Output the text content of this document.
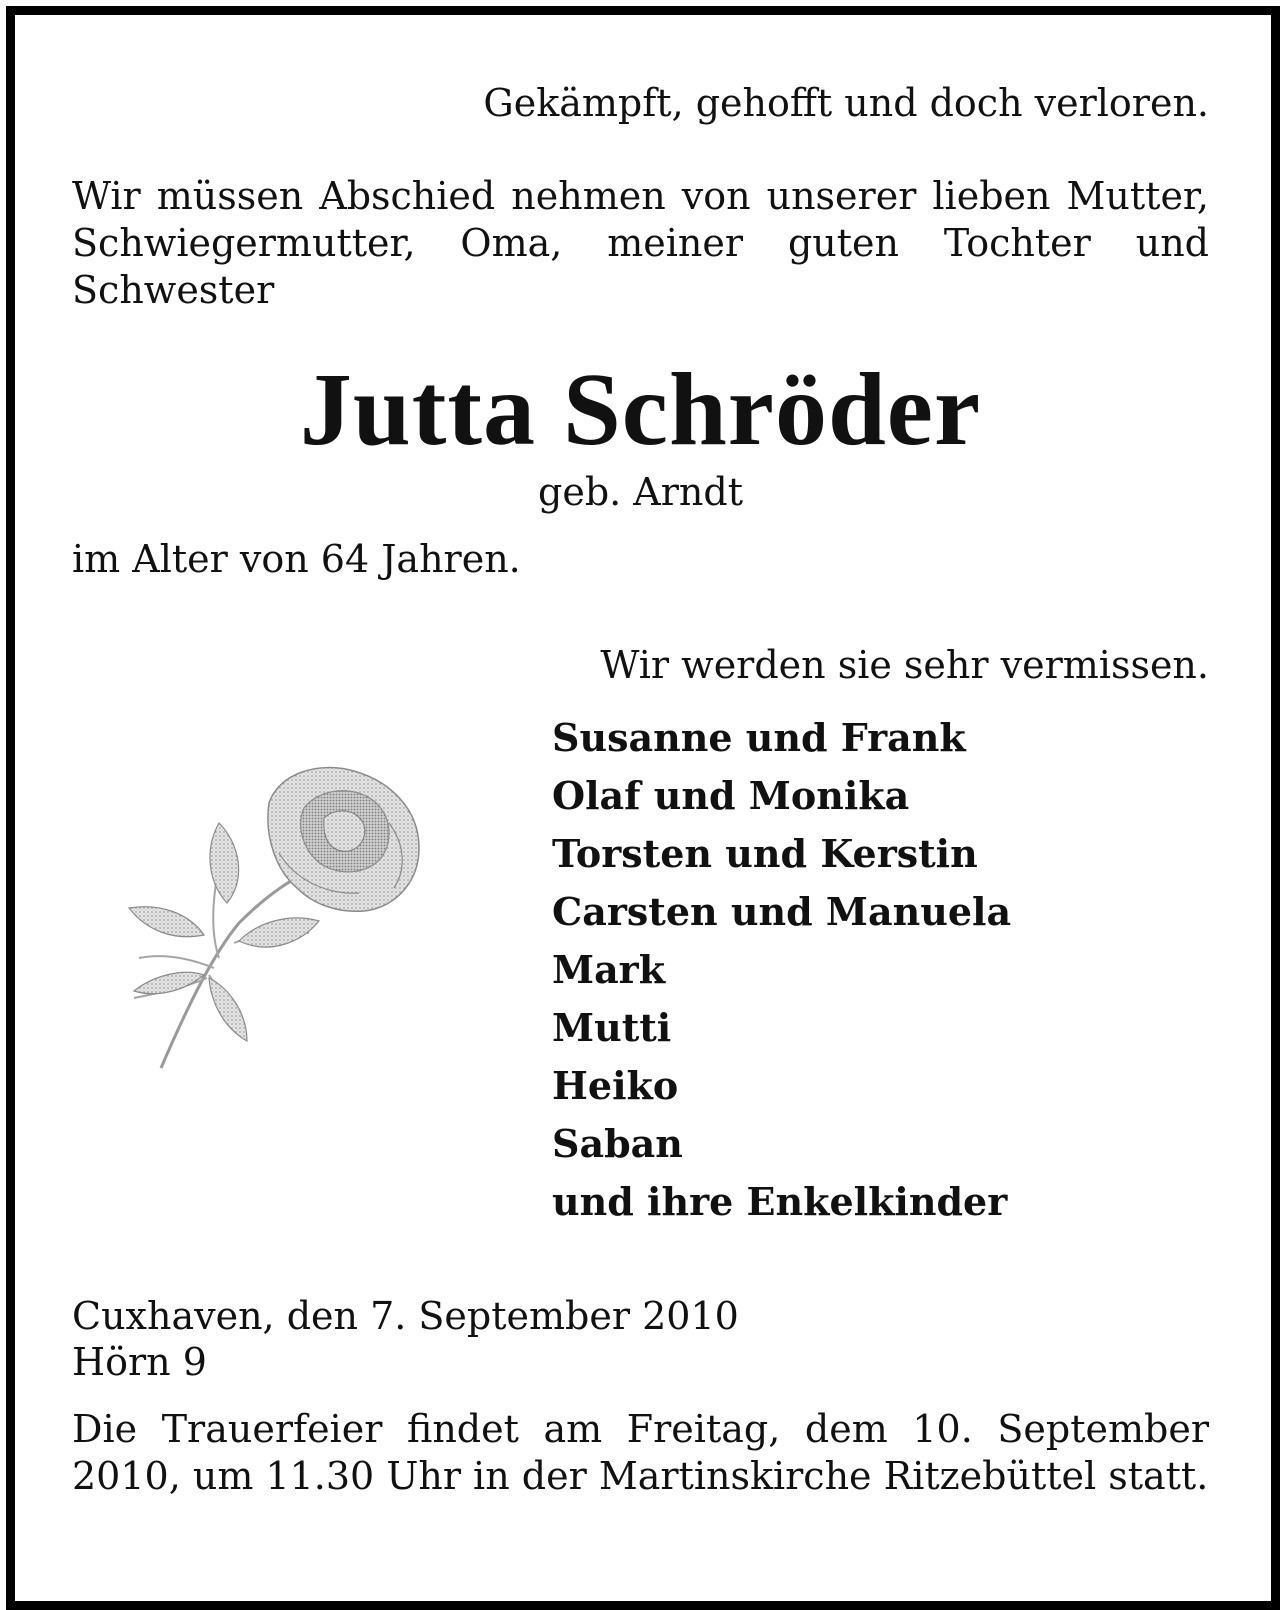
Gekämpft, gehofft und doch verloren.
Wir müssen Abschied nehmen von unserer lieben Mutter, Schwiegermutter, Oma, meiner guten Tochter und Schwester
Jutta Schröder
geb. Arndt
im Alter von 64 Jahren.
Wir werden sie sehr vermissen.
Susanne und Frank
Olaf und Monika
Torsten und Kerstin
Carsten und Manuela
Mark
Mutti
Heiko
Saban
und ihre Enkelkinder
Cuxhaven, den 7. September 2010
Hörn 9
Die Trauerfeier findet am Freitag, dem 10. September 2010, um 11.30 Uhr in der Martinskirche Ritzebüttel statt.
